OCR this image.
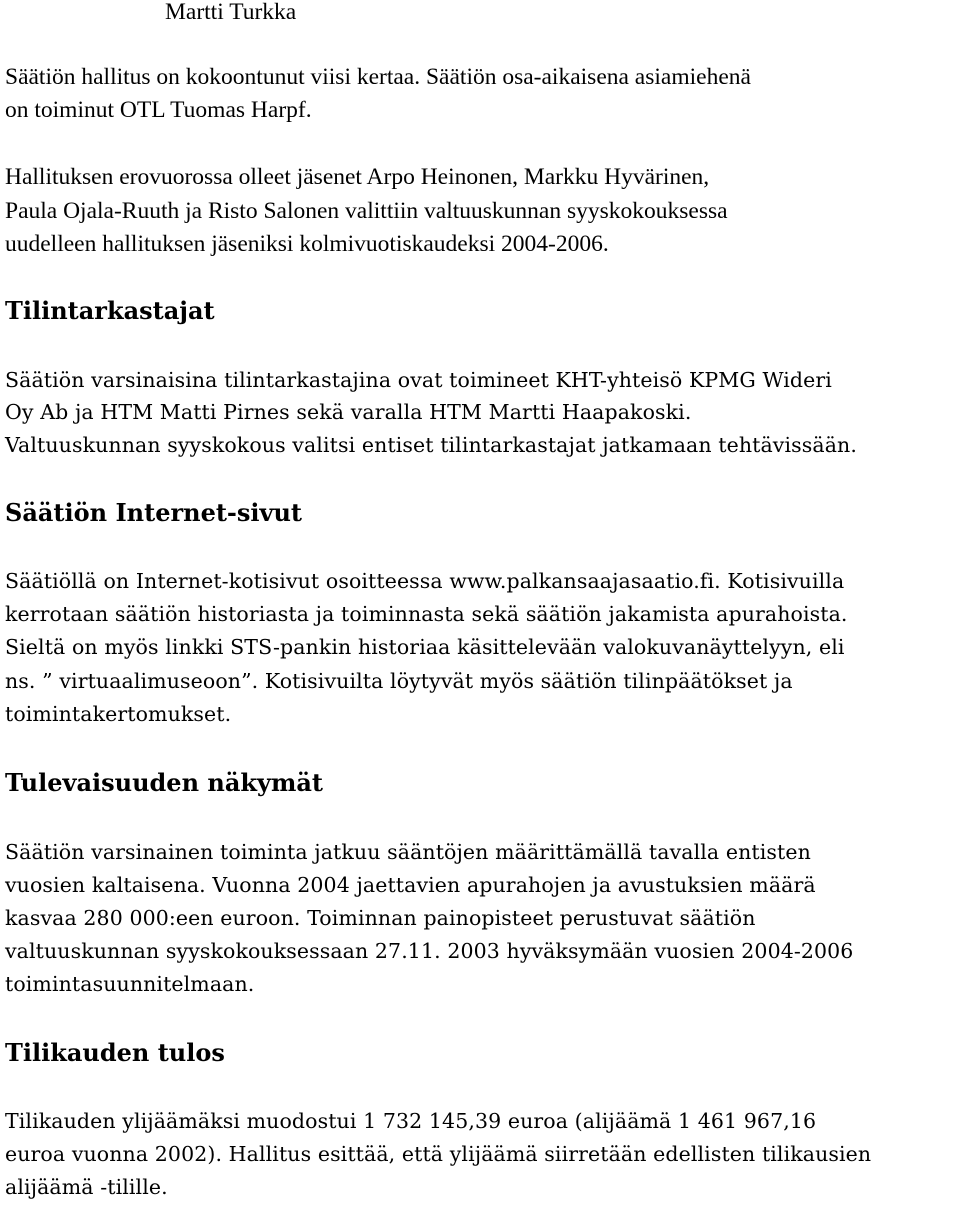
Martti Turkka
Säätiön hallitus on kokoontunut viisi kertaa. Säätiön osa-aikaisena asiamiehenä
on toiminut OTL Tuomas Harpf.
Hallituksen erovuorossa olleet jäsenet Arpo Heinonen, Markku Hyvärinen,
Paula Ojala-Ruuth ja Risto Salonen valittiin valtuuskunnan syyskokouksessa
uudelleen hallituksen jäseniksi kolmivuotiskaudeksi 2004-2006.
Tilintarkastajat
Säätiön varsinaisina tilintarkastajina ovat toimineet KHT-yhteisö KPMG Wideri
Oy Ab ja HTM Matti Pirnes sekä varalla HTM Martti Haapakoski.
Valtuuskunnan syyskokous valitsi entiset tilintarkastajat jatkamaan tehtävissään.
Säätiön Internet-sivut
Säätiöllä on Internet-kotisivut osoitteessa www.palkansaajasaatio.fi. Kotisivuilla
kerrotaan säätiön historiasta ja toiminnasta sekä säätiön jakamista apurahoista.
Sieltä on myös linkki STS-pankin historiaa käsittelevään valokuvanäyttelyyn, eli
ns. ” virtuaalimuseoon”. Kotisivuilta löytyvät myös säätiön tilinpäätökset ja
toimintakertomukset.
Tulevaisuuden näkymät
Säätiön varsinainen toiminta jatkuu sääntöjen määrittämällä tavalla entisten
vuosien kaltaisena. Vuonna 2004 jaettavien apurahojen ja avustuksien määrä
kasvaa 280 000:een euroon. Toiminnan painopisteet perustuvat säätiön
valtuuskunnan syyskokouksessaan 27.11. 2003 hyväksymään vuosien 2004-2006
toimintasuunnitelmaan.
Tilikauden tulos
Tilikauden ylijäämäksi muodostui 1 732 145,39 euroa (alijäämä 1 461 967,16
euroa vuonna 2002). Hallitus esittää, että ylijäämä siirretään edellisten tilikausien
alijäämä -tilille.
